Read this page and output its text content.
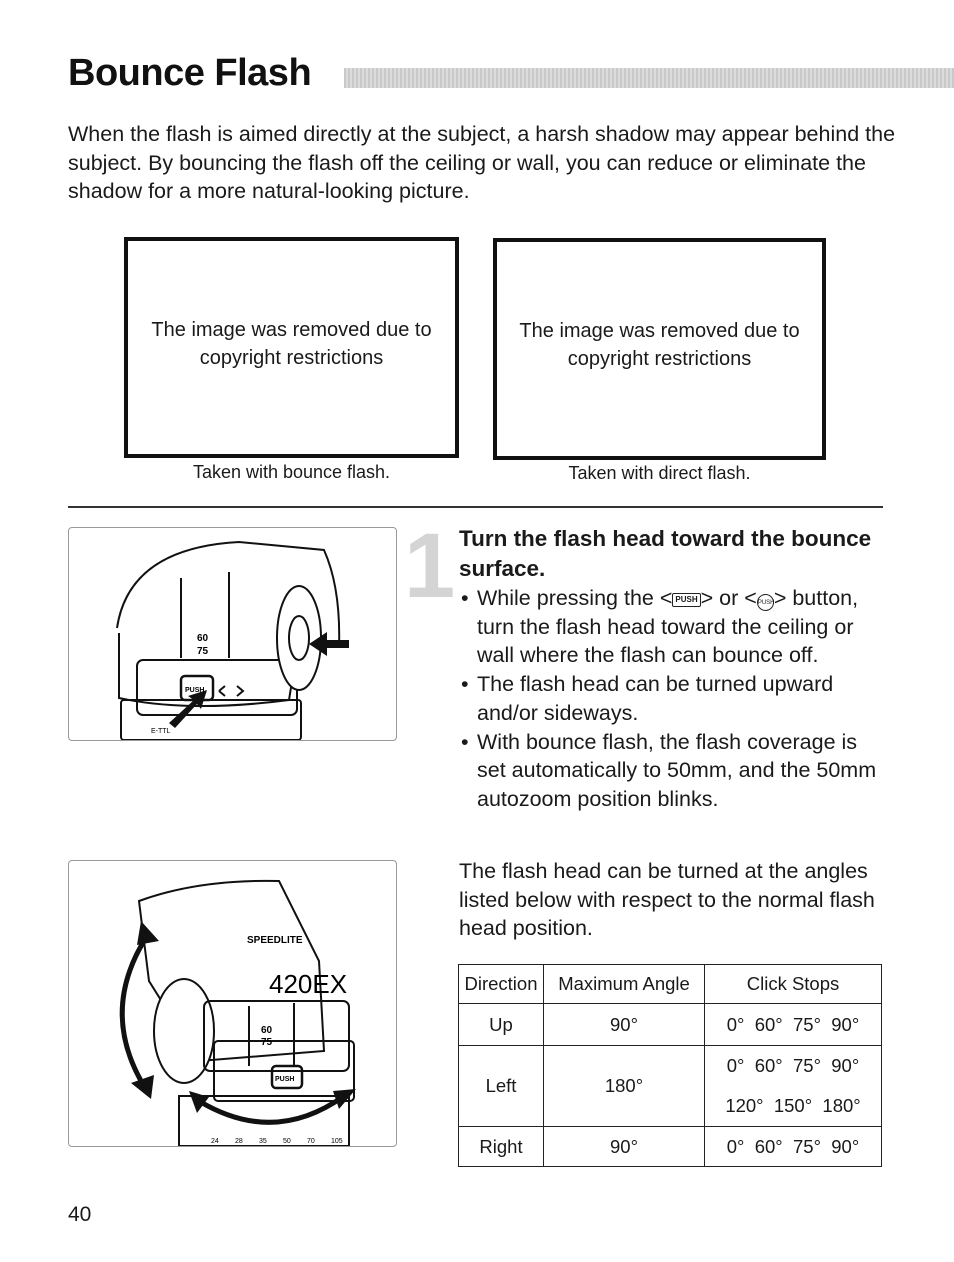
Bounce Flash
When the flash is aimed directly at the subject, a harsh shadow may appear behind the subject. By bouncing the flash off the ceiling or wall, you can reduce or eliminate the shadow for a more natural-looking picture.
The image was removed due to copyright restrictions
Taken with bounce flash.
The image was removed due to copyright restrictions
Taken with direct flash.
60
75
PUSH
E-TTL
SPEEDLITE
420EX
60
75
PUSH
24 28 35 50 70 105
1 Turn the flash head toward the bounce surface.
• While pressing the < PUSH > or <PUSH> button, turn the flash head toward the ceiling or wall where the flash can bounce off.
• The flash head can be turned upward and/or sideways.
• With bounce flash, the flash coverage is set automatically to 50mm, and the 50mm autozoom position blinks.
The flash head can be turned at the angles listed below with respect to the normal flash head position.
Direction	Maximum Angle	Click Stops
Up	90°	0°  60°  75°  90°
Left	180°	0°  60°  75°  90°
120°  150°  180°

Right	90°	0°  60°  75°  90°
40
